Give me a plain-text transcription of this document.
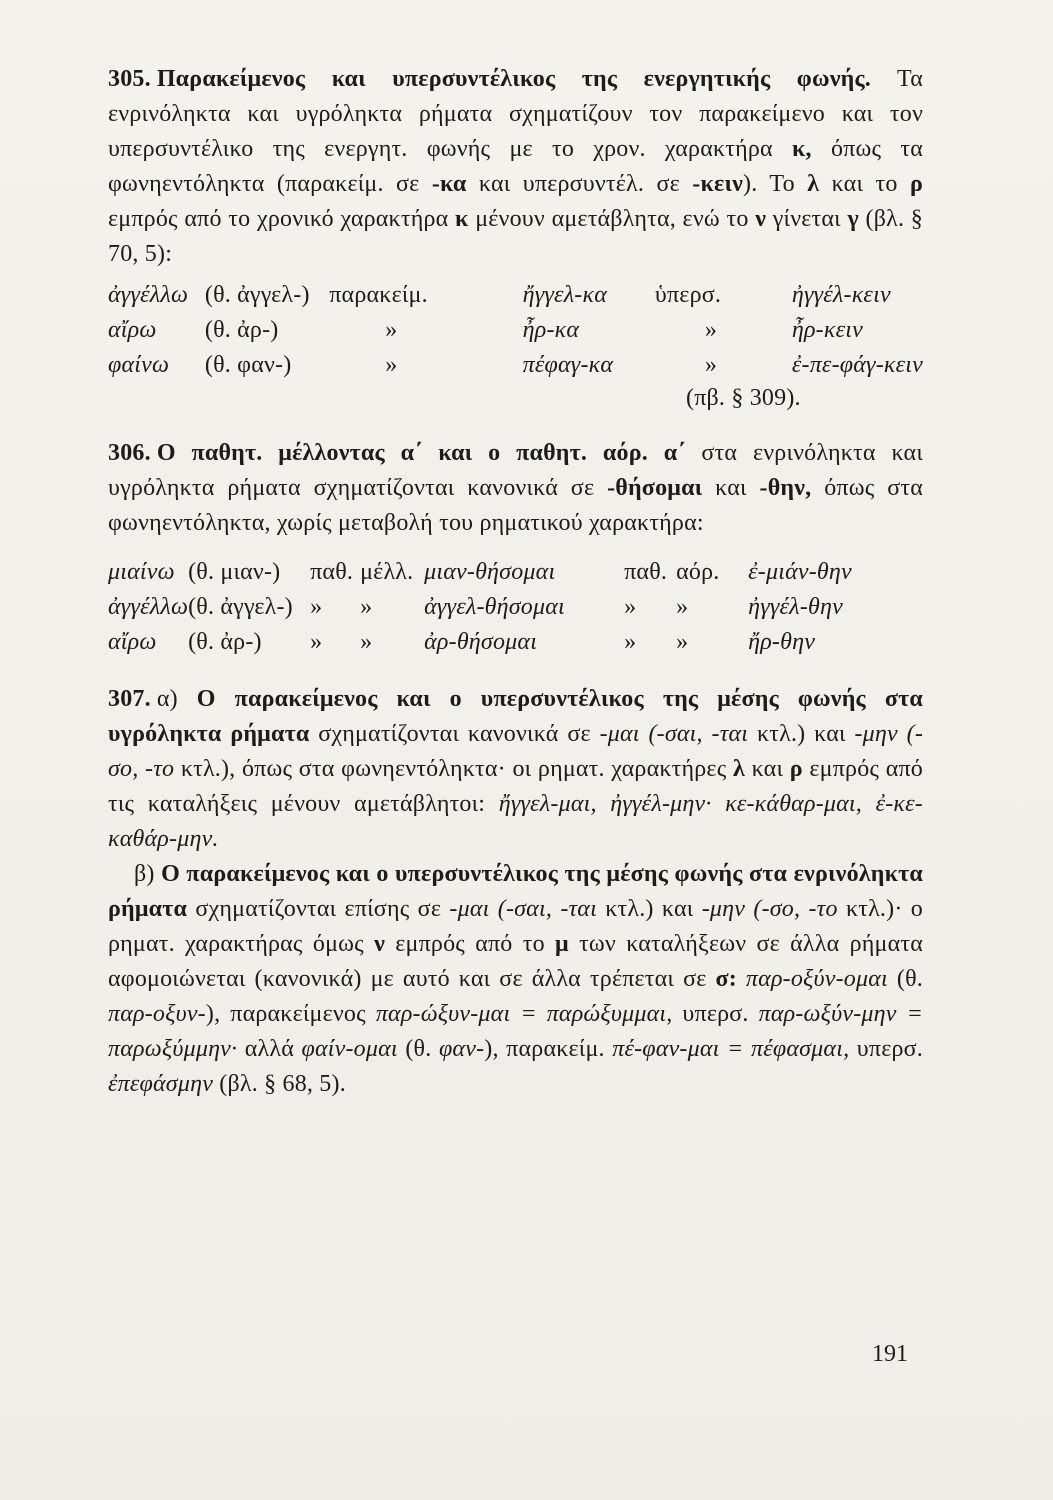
305. Παρακείμενος και υπερσυντέλικος της ενεργητικής φωνής. Τα ενρινόληκτα και υγρόληκτα ρήματα σχηματίζουν τον παρακείμενο και τον υπερσυντέλικο της ενεργητ. φωνής με το χρον. χαρακτήρα κ, όπως τα φωνηεντόληκτα (παρακείμ. σε -κα και υπερσυντέλ. σε -κειν). Το λ και το ρ εμπρός από το χρονικό χαρακτήρα κ μένουν αμετάβλητα, ενώ το ν γίνεται γ (βλ. § 70, 5):

ἀγγέλλω	(θ. ἀγγελ-)	παρακείμ.	ἤγγελ-κα	ὑπερσ.	ἠγγέλ-κειν
αἴρω	(θ. ἀρ-)	»	ἦρ-κα	»	ἦρ-κειν
φαίνω	(θ. φαν-)	»	πέφαγ-κα	»	ἐ-πε-φάγ-κειν
(πβ. § 309).

306. Ο παθητ. μέλλοντας α΄ και ο παθητ. αόρ. α΄ στα ενρινόληκτα και υγρόληκτα ρήματα σχηματίζονται κανονικά σε -θήσομαι και -θην, όπως στα φωνηεντόληκτα, χωρίς μεταβολή του ρηματικού χαρακτήρα:

μιαίνω	(θ. μιαν-)	παθ.	μέλλ.	μιαν-θήσομαι	παθ.	αόρ.	ἐ-μιάν-θην
ἀγγέλλω	(θ. ἀγγελ-)	»	»	ἀγγελ-θήσομαι	»	»	ἠγγέλ-θην
αἴρω	(θ. ἀρ-)	»	»	ἀρ-θήσομαι	»	»	ἤρ-θην

307. α) Ο παρακείμενος και ο υπερσυντέλικος της μέσης φωνής στα υγρόληκτα ρήματα σχηματίζονται κανονικά σε -μαι (-σαι, -ται κτλ.) και -μην (-σο, -το κτλ.), όπως στα φωνηεντόληκτα· οι ρηματ. χαρακτήρες λ και ρ εμπρός από τις καταλήξεις μένουν αμετάβλητοι: ἤγγελ-μαι, ἠγγέλ-μην· κε-κάθαρ-μαι, ἐ-κε-καθάρ-μην.

β) Ο παρακείμενος και ο υπερσυντέλικος της μέσης φωνής στα ενρινόληκτα ρήματα σχηματίζονται επίσης σε -μαι (-σαι, -ται κτλ.) και -μην (-σο, -το κτλ.)· ο ρηματ. χαρακτήρας όμως ν εμπρός από το μ των καταλήξεων σε άλλα ρήματα αφομοιώνεται (κανονικά) με αυτό και σε άλλα τρέπεται σε σ: παρ-οξύν-ομαι (θ. παρ-οξυν-), παρακείμενος παρ-ώξυν-μαι = παρώξυμμαι, υπερσ. παρ-ωξύν-μην = παρωξύμμην· αλλά φαίν-ομαι (θ. φαν-), παρακείμ. πέ-φαν-μαι = πέφασμαι, υπερσ. ἐπεφάσμην (βλ. § 68, 5).

191
